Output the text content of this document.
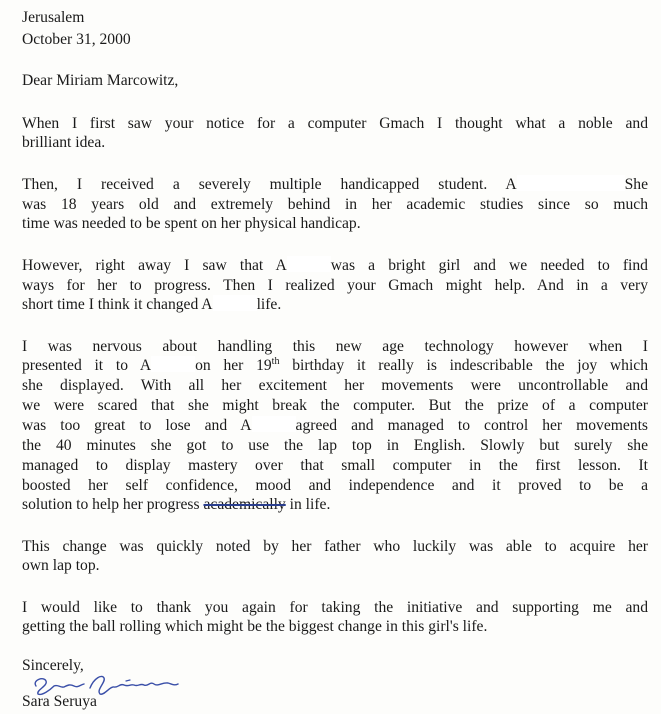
Jerusalem

October 31, 2000

Dear Miriam Marcowitz,

When I first saw your notice for a computer Gmach I thought what a noble and

brilliant idea.

Then, I received a severely multiple handicapped student. A	She

was 18 years old and extremely behind in her academic studies since so much

time was needed to be spent on her physical handicap.

However, right away I saw that A	was a bright girl and we needed to find

ways for her to progress. Then I realized your Gmach might help. And in a very

short time I think it changed A	life.

I was nervous about handling this new age technology however when I

presented it to A	on her 19th birthday it really is indescribable the joy which

she displayed. With all her excitement her movements were uncontrollable and

we were scared that she might break the computer. But the prize of a computer

was too great to lose and A	agreed and managed to control her movements

the 40 minutes she got to use the lap top in English. Slowly but surely she

managed to display mastery over that small computer in the first lesson. It

boosted her self confidence, mood and independence and it proved to be a

solution to help her progress academically in life.

This change was quickly noted by her father who luckily was able to acquire her

own lap top.

I would like to thank you again for taking the initiative and supporting me and

getting the ball rolling which might be the biggest change in this girl's life.

Sincerely,

Sara Seruya
